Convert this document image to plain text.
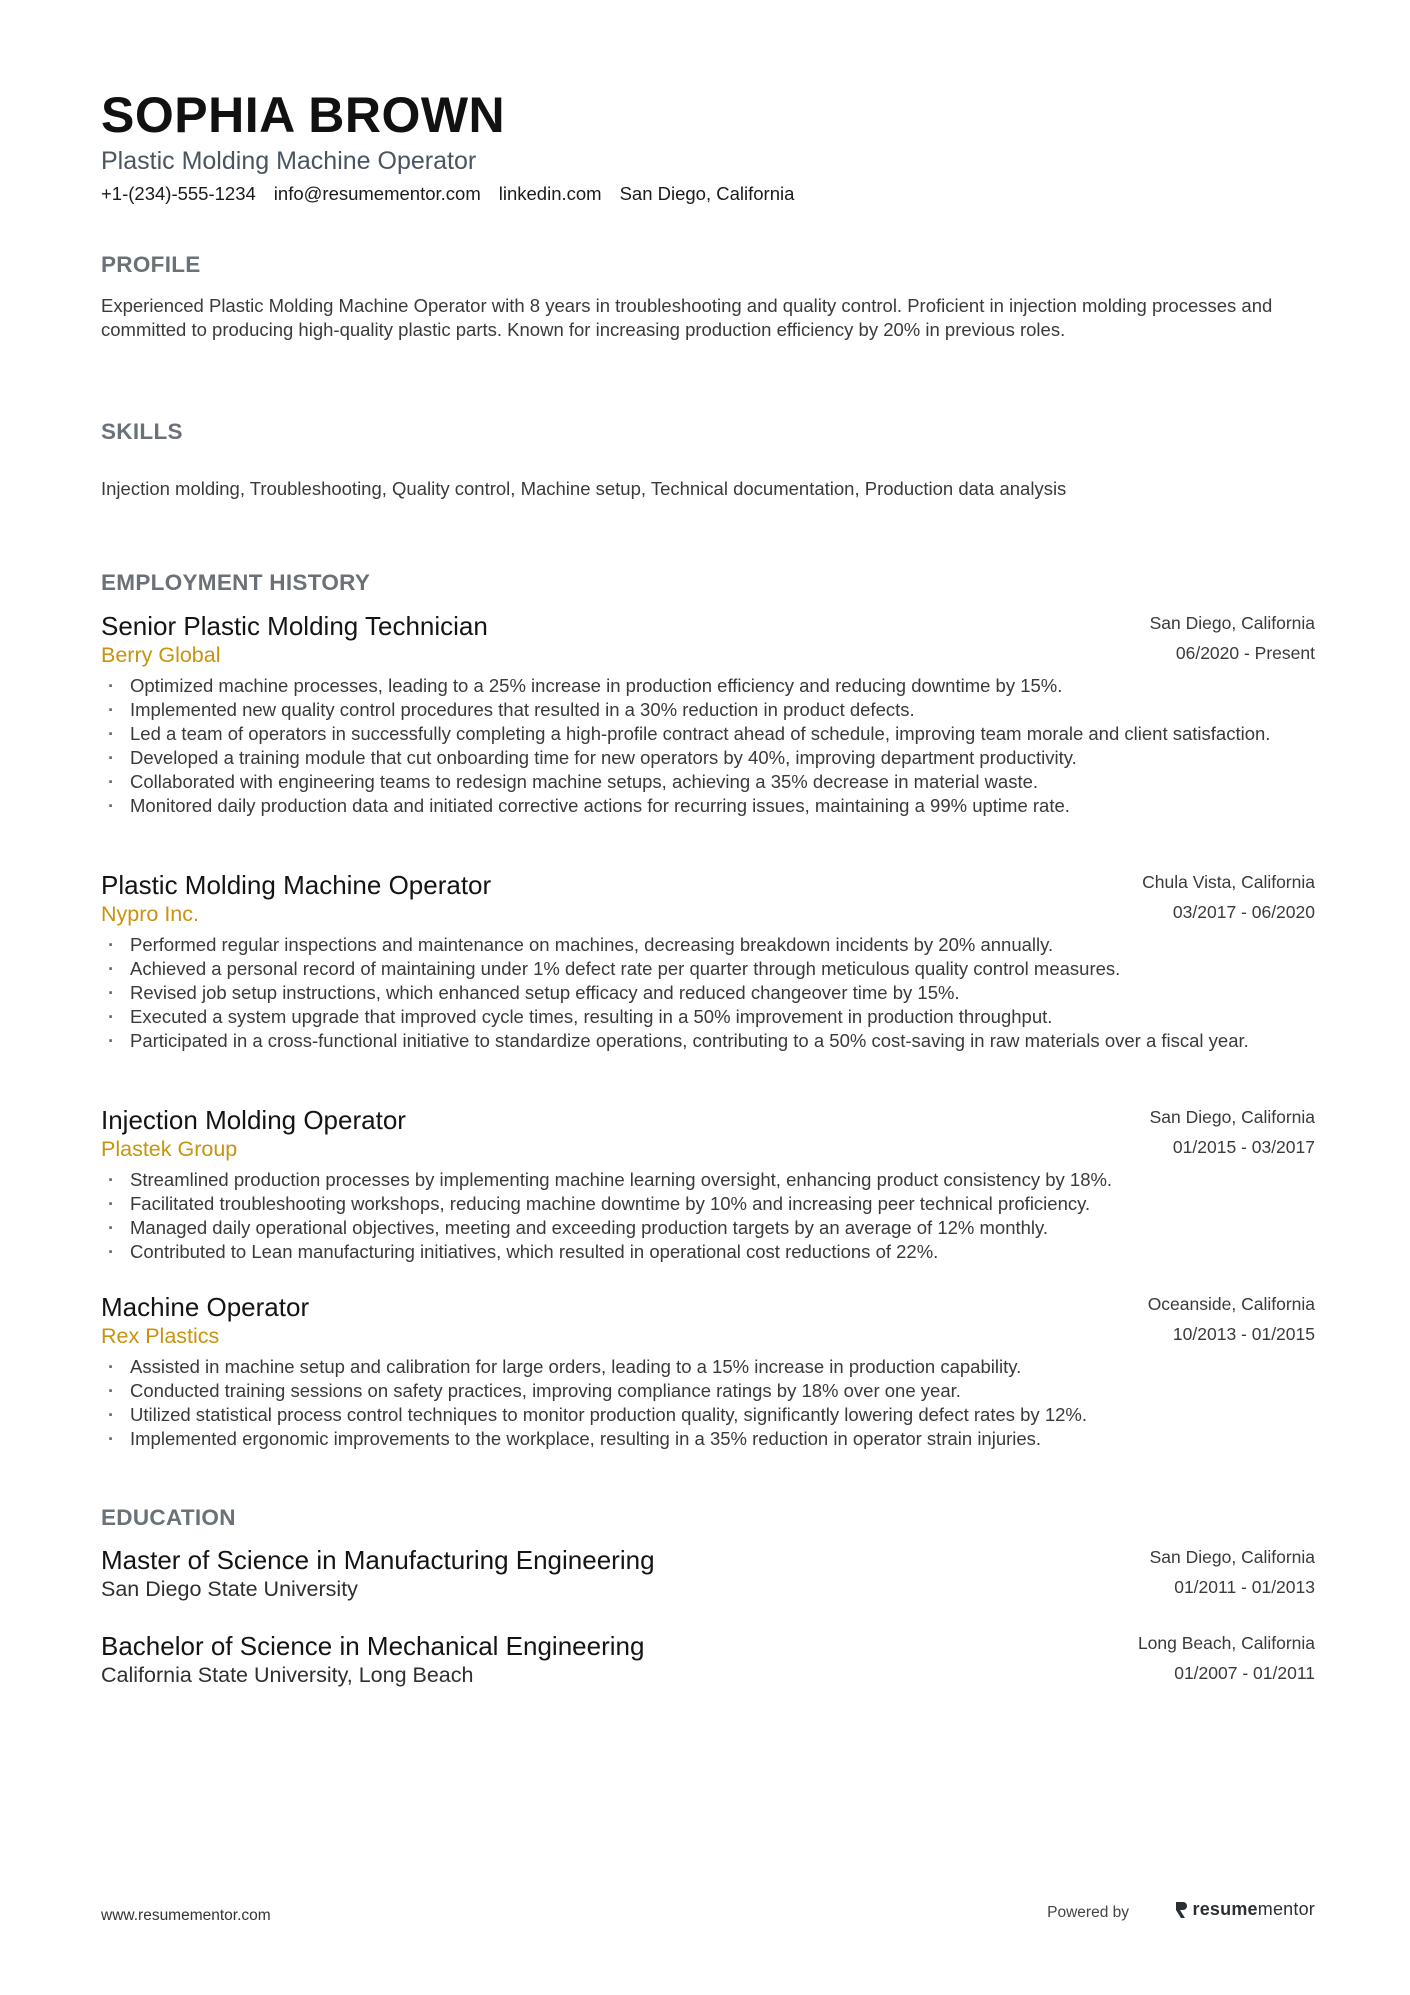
SOPHIA BROWN
Plastic Molding Machine Operator
+1-(234)-555-1234 info@resumementor.com linkedin.com San Diego, California
PROFILE
Experienced Plastic Molding Machine Operator with 8 years in troubleshooting and quality control. Proficient in injection molding processes and committed to producing high-quality plastic parts. Known for increasing production efficiency by 20% in previous roles.
SKILLS
Injection molding, Troubleshooting, Quality control, Machine setup, Technical documentation, Production data analysis
EMPLOYMENT HISTORY
Senior Plastic Molding Technician
Berry Global
San Diego, California
06/2020 - Present
· Optimized machine processes, leading to a 25% increase in production efficiency and reducing downtime by 15%.
· Implemented new quality control procedures that resulted in a 30% reduction in product defects.
· Led a team of operators in successfully completing a high-profile contract ahead of schedule, improving team morale and client satisfaction.
· Developed a training module that cut onboarding time for new operators by 40%, improving department productivity.
· Collaborated with engineering teams to redesign machine setups, achieving a 35% decrease in material waste.
· Monitored daily production data and initiated corrective actions for recurring issues, maintaining a 99% uptime rate.
Plastic Molding Machine Operator
Nypro Inc.
Chula Vista, California
03/2017 - 06/2020
· Performed regular inspections and maintenance on machines, decreasing breakdown incidents by 20% annually.
· Achieved a personal record of maintaining under 1% defect rate per quarter through meticulous quality control measures.
· Revised job setup instructions, which enhanced setup efficacy and reduced changeover time by 15%.
· Executed a system upgrade that improved cycle times, resulting in a 50% improvement in production throughput.
· Participated in a cross-functional initiative to standardize operations, contributing to a 50% cost-saving in raw materials over a fiscal year.
Injection Molding Operator
Plastek Group
San Diego, California
01/2015 - 03/2017
· Streamlined production processes by implementing machine learning oversight, enhancing product consistency by 18%.
· Facilitated troubleshooting workshops, reducing machine downtime by 10% and increasing peer technical proficiency.
· Managed daily operational objectives, meeting and exceeding production targets by an average of 12% monthly.
· Contributed to Lean manufacturing initiatives, which resulted in operational cost reductions of 22%.
Machine Operator
Rex Plastics
Oceanside, California
10/2013 - 01/2015
· Assisted in machine setup and calibration for large orders, leading to a 15% increase in production capability.
· Conducted training sessions on safety practices, improving compliance ratings by 18% over one year.
· Utilized statistical process control techniques to monitor production quality, significantly lowering defect rates by 12%.
· Implemented ergonomic improvements to the workplace, resulting in a 35% reduction in operator strain injuries.
EDUCATION
Master of Science in Manufacturing Engineering
San Diego State University
San Diego, California
01/2011 - 01/2013
Bachelor of Science in Mechanical Engineering
California State University, Long Beach
Long Beach, California
01/2007 - 01/2011
www.resumementor.com	Powered by	resumementor
